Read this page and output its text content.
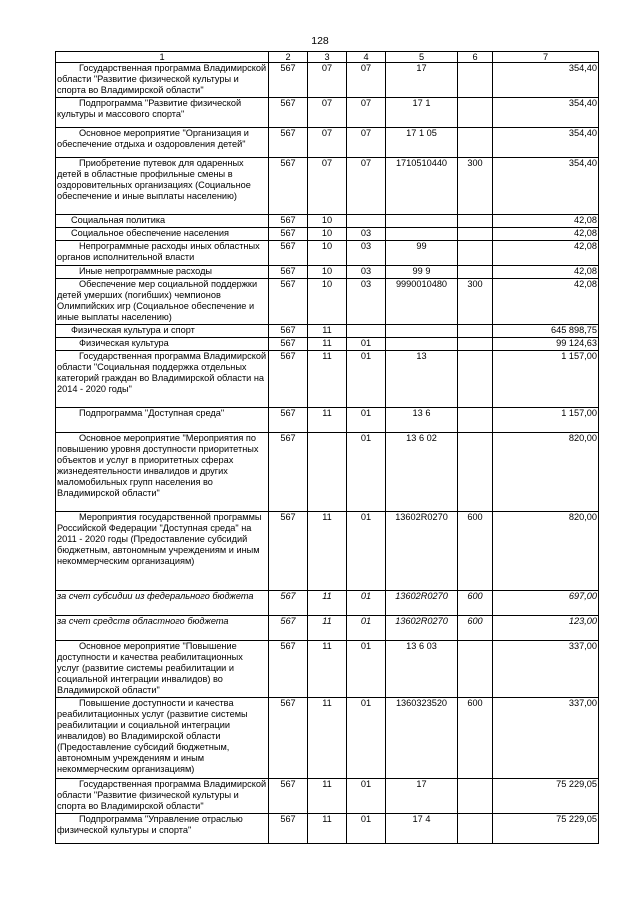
128
1	2	3	4	5	6	7
Государственная программа Владимирской области "Развитие физической культуры и спорта во Владимирской области"	567	07	07	17		354,40
Подпрограмма "Развитие физической культуры и массового спорта"	567	07	07	17 1		354,40
Основное мероприятие "Организация и обеспечение отдыха и оздоровления детей"	567	07	07	17 1 05		354,40
Приобретение путевок для одаренных детей в областные профильные смены в оздоровительных организациях (Социальное обеспечение и иные выплаты населению)	567	07	07	1710510440	300	354,40
Социальная политика	567	10				42,08
Социальное обеспечение населения	567	10	03			42,08
Непрограммные расходы иных областных органов исполнительной власти	567	10	03	99		42,08
Иные непрограммные расходы	567	10	03	99 9		42,08
Обеспечение мер социальной поддержки детей умерших (погибших) чемпионов Олимпийских игр (Социальное обеспечение и иные выплаты населению)	567	10	03	9990010480	300	42,08
Физическая культура и спорт	567	11				645 898,75
Физическая культура	567	11	01			99 124,63
Государственная программа Владимирской области "Социальная поддержка отдельных категорий граждан во Владимирской области на 2014 - 2020 годы"	567	11	01	13		1 157,00
Подпрограмма "Доступная среда"	567	11	01	13 6		1 157,00
Основное мероприятие "Мероприятия по повышению уровня доступности приоритетных объектов и услуг в приоритетных сферах жизнедеятельности инвалидов и других маломобильных групп населения во Владимирской области"	567		01	13 6 02		820,00
Мероприятия государственной программы Российской Федерации "Доступная среда" на 2011 - 2020 годы (Предоставление субсидий бюджетным, автономным учреждениям и иным некоммерческим организациям)	567	11	01	13602R0270	600	820,00
за счет субсидии из федерального бюджета	567	11	01	13602R0270	600	697,00
за счет средств областного бюджета	567	11	01	13602R0270	600	123,00
Основное мероприятие "Повышение доступности и качества реабилитационных услуг (развитие системы реабилитации и социальной интеграции инвалидов) во Владимирской области"	567	11	01	13 6 03		337,00
Повышение доступности и качества реабилитационных услуг (развитие системы реабилитации и социальной интеграции инвалидов) во Владимирской области (Предоставление субсидий бюджетным, автономным учреждениям и иным некоммерческим организациям)	567	11	01	1360323520	600	337,00
Государственная программа Владимирской области "Развитие физической культуры и спорта во Владимирской области"	567	11	01	17		75 229,05
Подпрограмма "Управление отраслью физической культуры и спорта"	567	11	01	17 4		75 229,05
